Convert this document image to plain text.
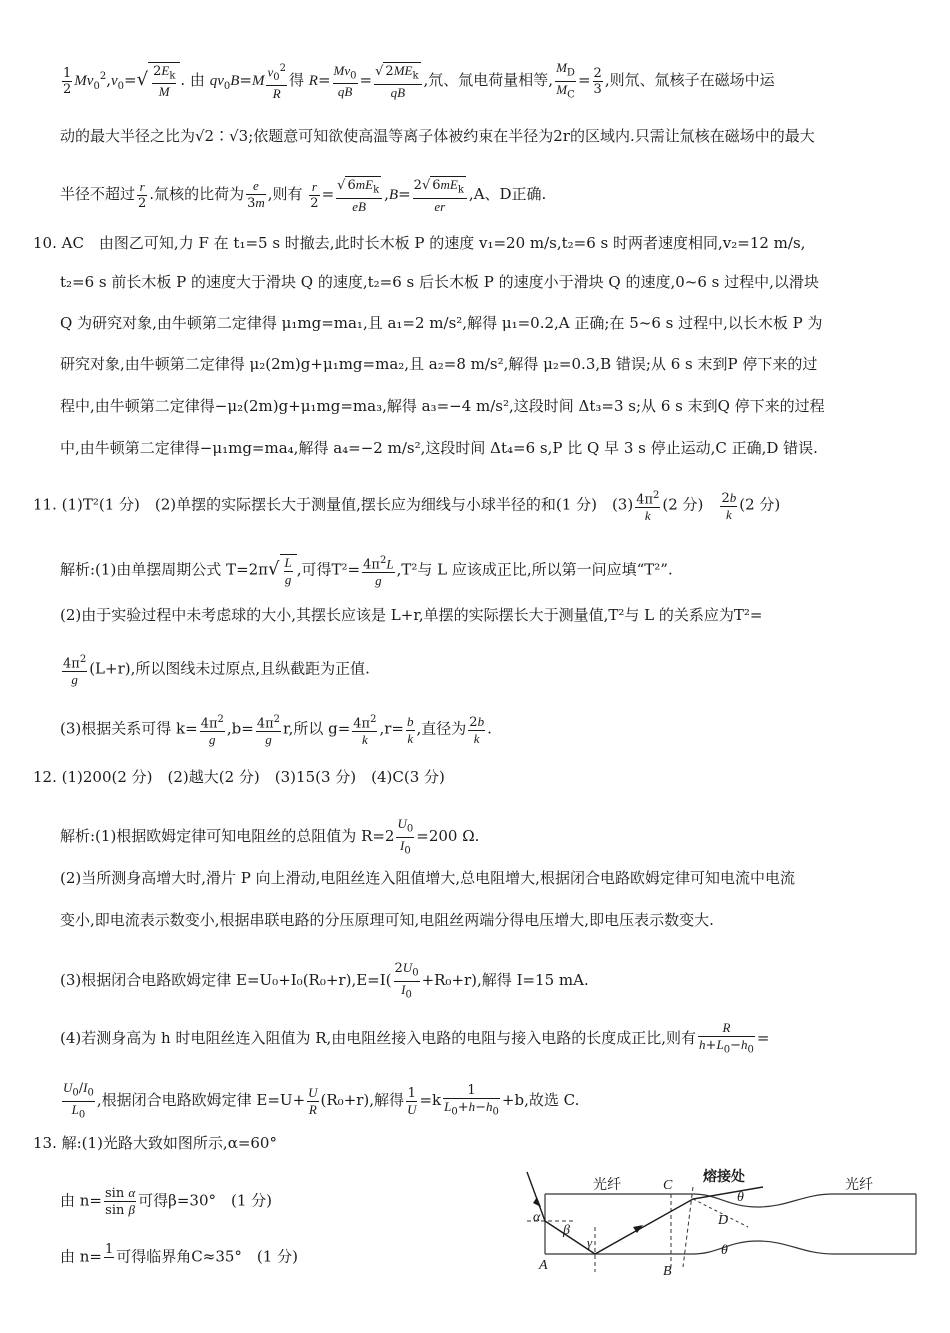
$\frac{1}{2} Mv_0^2,v_0=√ \frac{2E_k}{M}$ . 由 $qv_0B=M \frac{v_0^2}{R}$ 得 $R= \frac{Mv_0}{qB} = \frac{√ 2ME_k}{qB}$ ,氘、氚电荷量相等, $\frac{M_D}{M_C} = \frac{2}{3}$ ,则氘、氚核子在磁场中运
动的最大半径之比为√2∶√3;依题意可知欲使高温等离子体被约束在半径为2r的区域内.只需让氚核在磁场中的最大
半径不超过 $\frac{r}{2}$ .氚核的比荷为 $\frac{e}{3m}$ ,则有 $\frac{r}{2} = \frac{√ 6mE_k}{eB} ,B= \frac{2√ 6mE_k}{er} ,A$、D正确.
10. AC　由图乙可知,力 F 在 t₁=5 s 时撤去,此时长木板 P 的速度 v₁=20 m/s,t₂=6 s 时两者速度相同,v₂=12 m/s,
t₂=6 s 前长木板 P 的速度大于滑块 Q 的速度,t₂=6 s 后长木板 P 的速度小于滑块 Q 的速度,0~6 s 过程中,以滑块
Q 为研究对象,由牛顿第二定律得 μ₁mg=ma₁,且 a₁=2 m/s²,解得 μ₁=0.2,A 正确;在 5~6 s 过程中,以长木板 P 为
研究对象,由牛顿第二定律得 μ₂(2m)g+μ₁mg=ma₂,且 a₂=8 m/s²,解得 μ₂=0.3,B 错误;从 6 s 末到P 停下来的过
程中,由牛顿第二定律得−μ₂(2m)g+μ₁mg=ma₃,解得 a₃=−4 m/s²,这段时间 Δt₃=3 s;从 6 s 末到Q 停下来的过程
中,由牛顿第二定律得−μ₁mg=ma₄,解得 a₄=−2 m/s²,这段时间 Δt₄=6 s,P 比 Q 早 3 s 停止运动,C 正确,D 错误.
11. (1)T²(1 分)　(2)单摆的实际摆长大于测量值,摆长应为细线与小球半径的和(1 分)　$(3) \frac{4\pi^2}{k} (2$ 分)　 $\frac{2b}{k} (2$ 分)
解析:(1)由单摆周期公式 $T=2\pi√ \frac{L}{g}$ ,可得$T^2= \frac{4\pi^2L}{g} ,T^2$与 L 应该成正比,所以第一问应填“T²”.
(2)由于实验过程中未考虑球的大小,其摆长应该是 L+r,单摆的实际摆长大于测量值,T²与 L 的关系应为T²=
$\frac{4\pi^2}{g} (L+r)$,所以图线未过原点,且纵截距为正值.
(3)根据关系可得 $k= \frac{4\pi^2}{g} ,b= \frac{4\pi^2}{g} r$,所以 $g= \frac{4\pi^2}{k} ,r= \frac{b}{k}$ ,直径为 $\frac{2b}{k}$ .
12. (1)200(2 分)　(2)越大(2 分)　(3)15(3 分)　(4)C(3 分)
解析:(1)根据欧姆定律可知电阻丝的总阻值为 $R=2 \frac{U_0}{I_0} =200$ Ω.
(2)当所测身高增大时,滑片 P 向上滑动,电阻丝连入阻值增大,总电阻增大,根据闭合电路欧姆定律可知电流中电流
变小,即电流表示数变小,根据串联电路的分压原理可知,电阻丝两端分得电压增大,即电压表示数变大.
(3)根据闭合电路欧姆定律 $E=U_0+I_0(R_0+r),E=I( \frac{2U_0}{I_0} +R_0+r)$,解得 I=15 mA.
(4)若测身高为 h 时电阻丝连入阻值为 R,由电阻丝接入电路的电阻与接入电路的长度成正比,则有 $\frac{R}{h+L_0-h_0}$ =
$\frac{U_0/I_0}{L_0}$ ,根据闭合电路欧姆定律 $E=U+ \frac{U}{R} (R_0+r)$,解得 $\frac{1}{U} =k \frac{1}{L_0+h-h_0} +b$,故选 C.
13. 解:(1)光路大致如图所示,α=60°
由 $n= \frac{\text{sin α}}{\text{sin β}}$ 可得β=30°　(1 分)
由 n= 1
可得临界角C≈35°　(1 分)
光纤	光纤
熔接处
C
D
A	B
α
β
γ
θ
θ
